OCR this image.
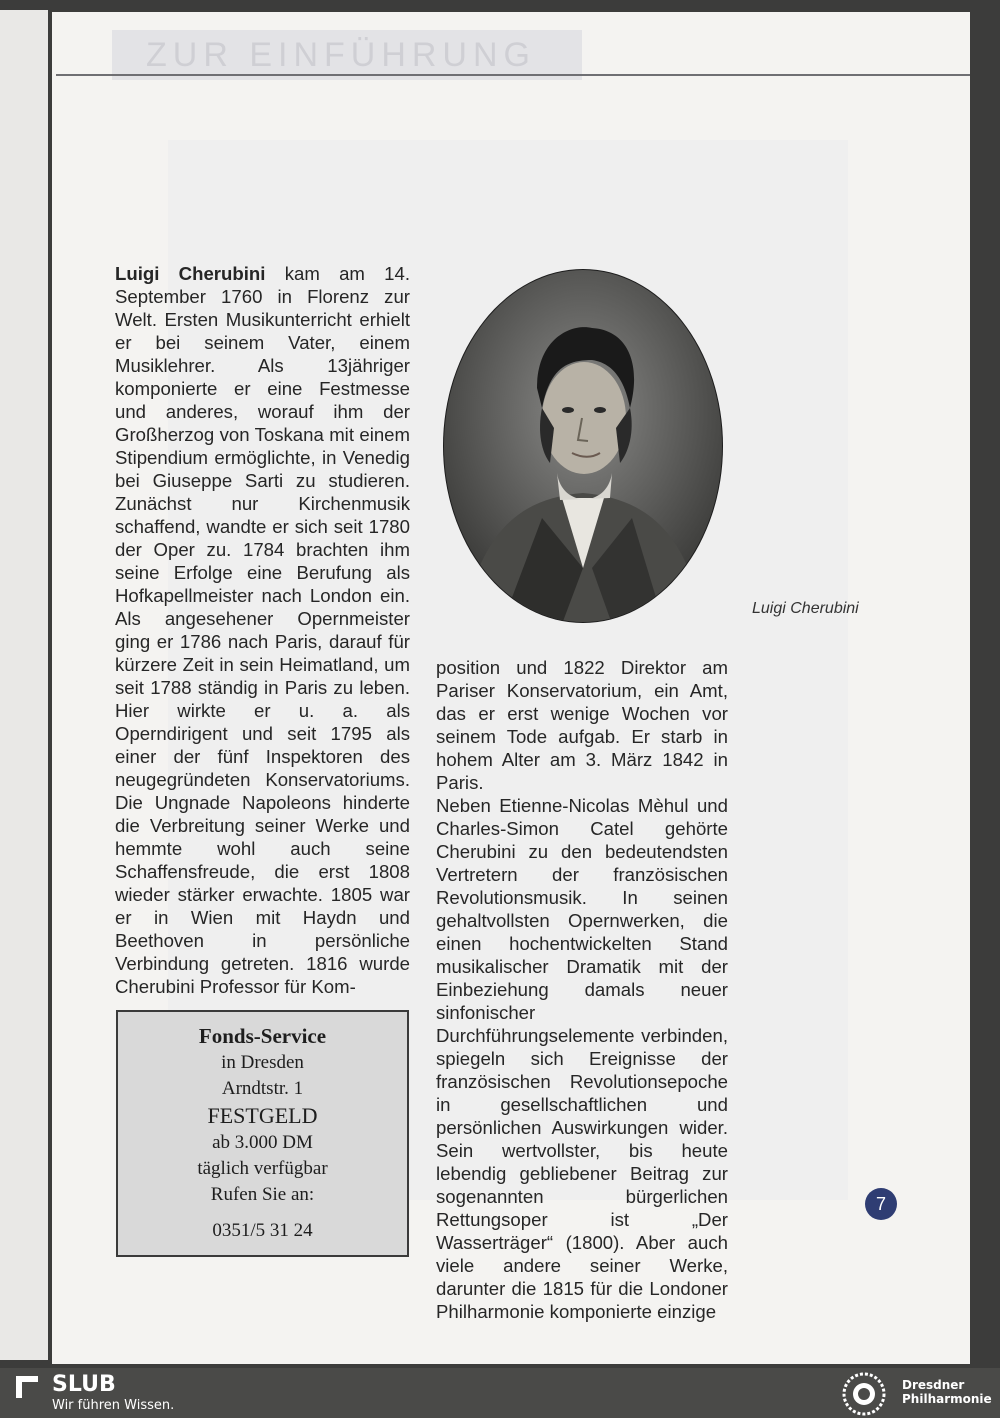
ZUR EINFÜHRUNG

Luigi Cherubini kam am 14. September 1760 in Florenz zur Welt. Ersten Musikunterricht erhielt er bei seinem Vater, einem Musiklehrer. Als 13jähriger komponierte er eine Festmesse und anderes, worauf ihm der Großherzog von Toskana mit einem Stipendium ermöglichte, in Venedig bei Giuseppe Sarti zu studieren. Zunächst nur Kirchenmusik schaffend, wandte er sich seit 1780 der Oper zu. 1784 brachten ihm seine Erfolge eine Berufung als Hofkapellmeister nach London ein. Als angesehener Opernmeister ging er 1786 nach Paris, darauf für kürzere Zeit in sein Heimatland, um seit 1788 ständig in Paris zu leben. Hier wirkte er u. a. als Operndirigent und seit 1795 als einer der fünf Inspektoren des neugegründeten Konservatoriums. Die Ungnade Napoleons hinderte die Verbreitung seiner Werke und hemmte wohl auch seine Schaffensfreude, die erst 1808 wieder stärker erwachte. 1805 war er in Wien mit Haydn und Beethoven in persönliche Verbindung getreten. 1816 wurde Cherubini Professor für Kom-

Luigi Cherubini

position und 1822 Direktor am Pariser Konservatorium, ein Amt, das er erst wenige Wochen vor seinem Tode aufgab. Er starb in hohem Alter am 3. März 1842 in Paris.
Neben Etienne-Nicolas Mèhul und Charles-Simon Catel gehörte Cherubini zu den bedeutendsten Vertretern der französischen Revolutionsmusik. In seinen gehaltvollsten Opernwerken, die einen hochentwickelten Stand musikalischer Dramatik mit der Einbeziehung damals neuer sinfonischer Durchführungselemente verbinden, spiegeln sich Ereignisse der französischen Revolutionsepoche in gesellschaftlichen und persönlichen Auswirkungen wider. Sein wertvollster, bis heute lebendig gebliebener Beitrag zur sogenannten bürgerlichen Rettungsoper ist „Der Wasserträger“ (1800). Aber auch viele andere seiner Werke, darunter die 1815 für die Londoner Philharmonie komponierte einzige

Fonds-Service
in Dresden
Arndtstr. 1
FESTGELD
ab 3.000 DM
täglich verfügbar
Rufen Sie an:
0351/5 31 24
7
SLUB
Wir führen Wissen.
Dresdner
Philharmonie
